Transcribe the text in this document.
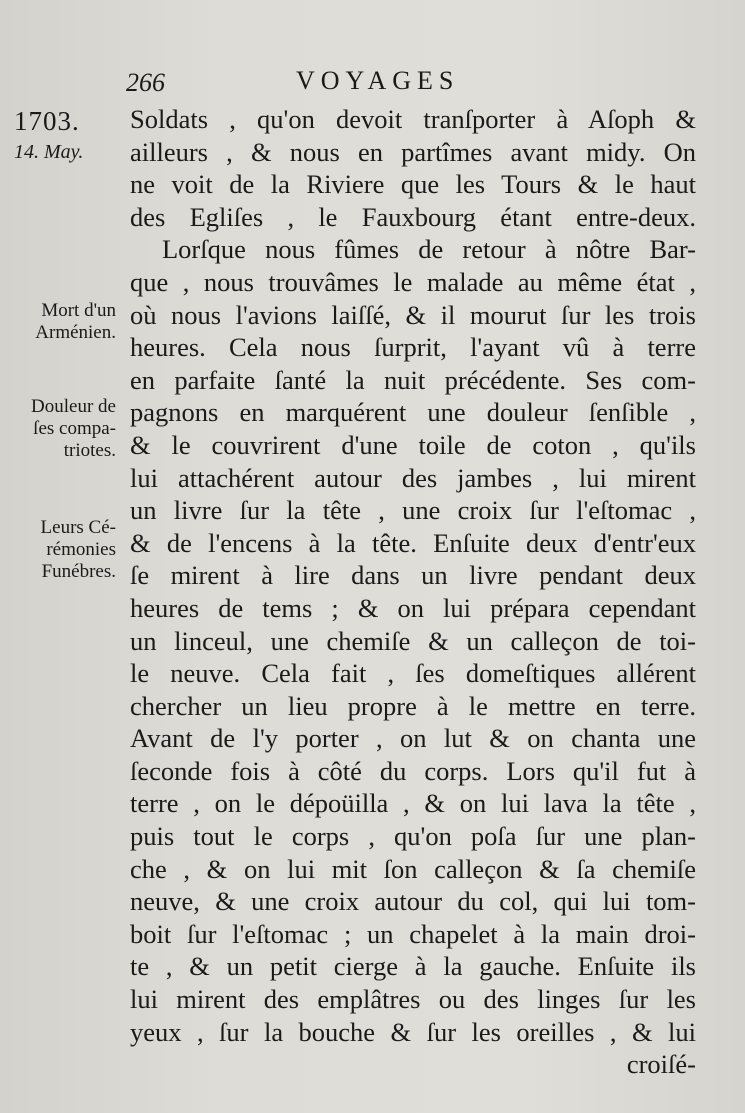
266	VOYAGES
1703.
14. May.
Mort d'un
Arménien.
Douleur de
ſes compa-
triotes.
Leurs Cé-
rémonies
Funébres.
Soldats , qu'on devoit tranſporter à Aſoph &
ailleurs , & nous en partîmes avant midy. On
ne voit de la Riviere que les Tours & le haut
des Egliſes , le Fauxbourg étant entre-deux.
Lorſque nous fûmes de retour à nôtre Bar-
que , nous trouvâmes le malade au même état ,
où nous l'avions laiſſé, & il mourut ſur les trois
heures. Cela nous ſurprit, l'ayant vû à terre
en parfaite ſanté la nuit précédente. Ses com-
pagnons en marquérent une douleur ſenſible ,
& le couvrirent d'une toile de coton , qu'ils
lui attachérent autour des jambes , lui mirent
un livre ſur la tête , une croix ſur l'eſtomac ,
& de l'encens à la tête. Enſuite deux d'entr'eux
ſe mirent à lire dans un livre pendant deux
heures de tems ; & on lui prépara cependant
un linceul, une chemiſe & un calleçon de toi-
le neuve. Cela fait , ſes domeſtiques allérent
chercher un lieu propre à le mettre en terre.
Avant de l'y porter , on lut & on chanta une
ſeconde fois à côté du corps. Lors qu'il fut à
terre , on le dépoüilla , & on lui lava la tête ,
puis tout le corps , qu'on poſa ſur une plan-
che , & on lui mit ſon calleçon & ſa chemiſe
neuve, & une croix autour du col, qui lui tom-
boit ſur l'eſtomac ; un chapelet à la main droi-
te , & un petit cierge à la gauche. Enſuite ils
lui mirent des emplâtres ou des linges ſur les
yeux , ſur la bouche & ſur les oreilles , & lui
croiſé-
